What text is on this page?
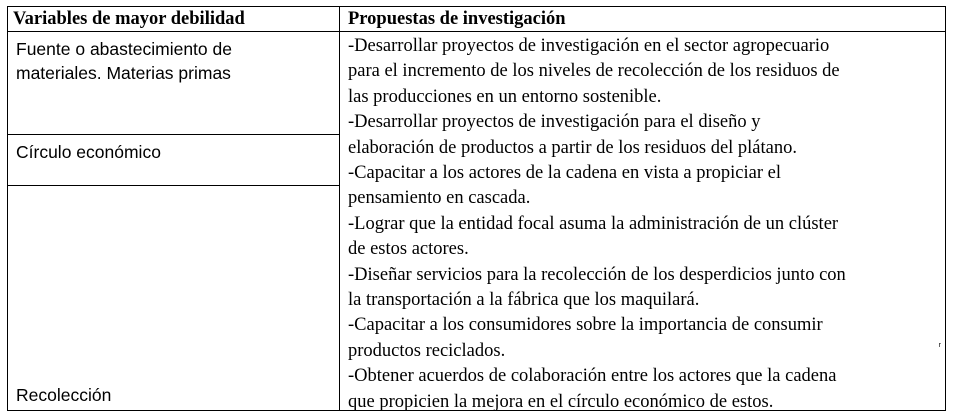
Variables de mayor debilidad	Propuestas de investigación
Fuente o abastecimiento de
materiales. Materias primas
Círculo económico
Recolección

-Desarrollar proyectos de investigación en el sector agropecuario

para el incremento de los niveles de recolección de los residuos de

las producciones en un entorno sostenible.

-Desarrollar proyectos de investigación para el diseño y

elaboración de productos a partir de los residuos del plátano.

-Capacitar a los actores de la cadena en vista a propiciar el

pensamiento en cascada.

-Lograr que la entidad focal asuma la administración de un clúster

de estos actores.

-Diseñar servicios para la recolección de los desperdicios junto con

la transportación a la fábrica que los maquilará.

-Capacitar a los consumidores sobre la importancia de consumir

productos reciclados.

-Obtener acuerdos de colaboración entre los actores que la cadena

que propicien la mejora en el círculo económico de estos.

r
